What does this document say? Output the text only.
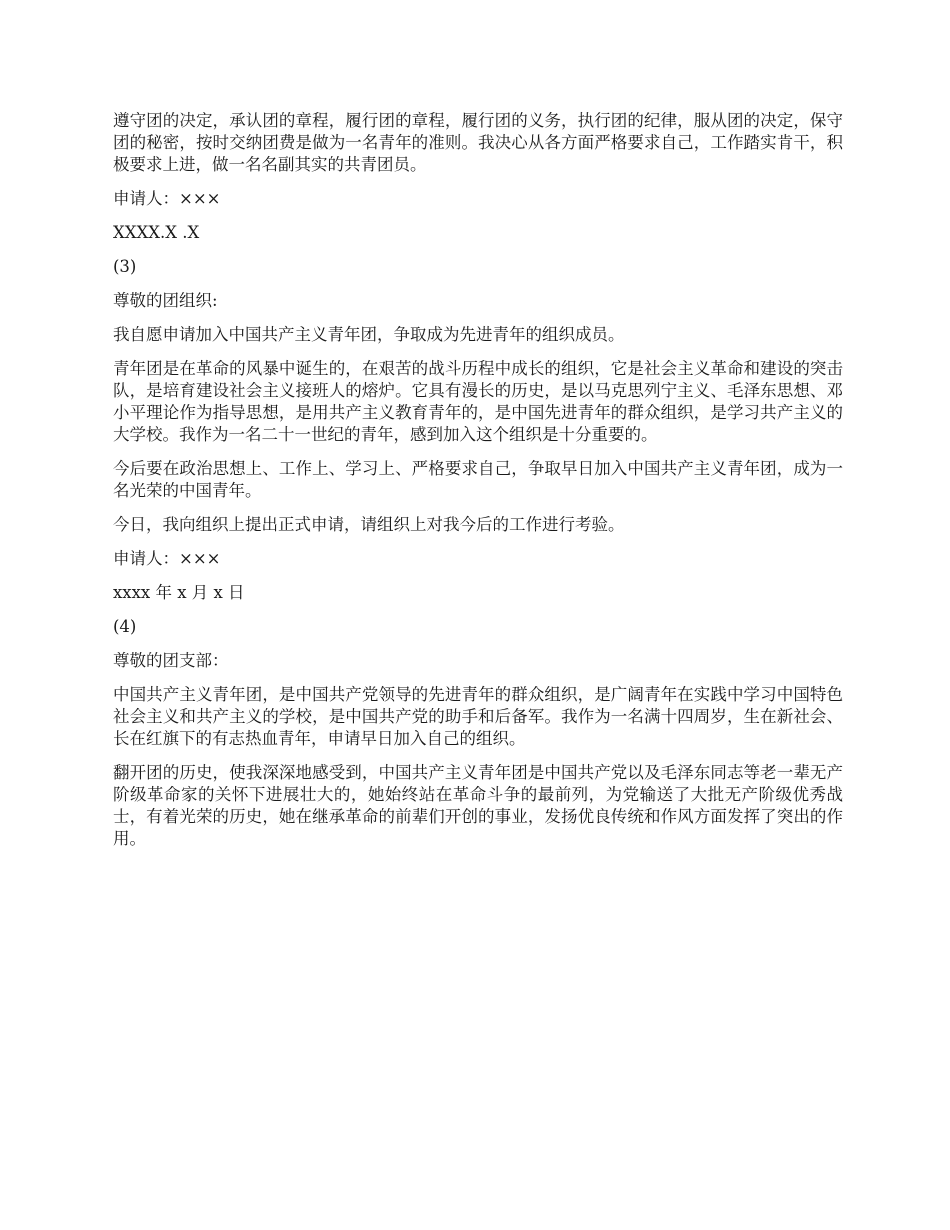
遵守团的决定，承认团的章程，履行团的章程，履行团的义务，执行团的纪律，服从团的决定，保守团的秘密，按时交纳团费是做为一名青年的准则。我决心从各方面严格要求自己，工作踏实肯干，积极要求上进，做一名名副其实的共青团员。

申请人：×××

XXXX.X .X

(3)

尊敬的团组织:

我自愿申请加入中国共产主义青年团，争取成为先进青年的组织成员。

青年团是在革命的风暴中诞生的，在艰苦的战斗历程中成长的组织，它是社会主义革命和建设的突击队，是培育建设社会主义接班人的熔炉。它具有漫长的历史，是以马克思列宁主义、毛泽东思想、邓小平理论作为指导思想，是用共产主义教育青年的，是中国先进青年的群众组织，是学习共产主义的大学校。我作为一名二十一世纪的青年，感到加入这个组织是十分重要的。

今后要在政治思想上、工作上、学习上、严格要求自己，争取早日加入中国共产主义青年团，成为一名光荣的中国青年。

今日，我向组织上提出正式申请，请组织上对我今后的工作进行考验。

申请人：×××

xxxx 年 x 月 x 日

(4)

尊敬的团支部：

中国共产主义青年团，是中国共产党领导的先进青年的群众组织，是广阔青年在实践中学习中国特色社会主义和共产主义的学校，是中国共产党的助手和后备军。我作为一名满十四周岁，生在新社会、长在红旗下的有志热血青年，申请早日加入自己的组织。

翻开团的历史，使我深深地感受到，中国共产主义青年团是中国共产党以及毛泽东同志等老一辈无产阶级革命家的关怀下进展壮大的，她始终站在革命斗争的最前列，为党输送了大批无产阶级优秀战士，有着光荣的历史，她在继承革命的前辈们开创的事业，发扬优良传统和作风方面发挥了突出的作用。
